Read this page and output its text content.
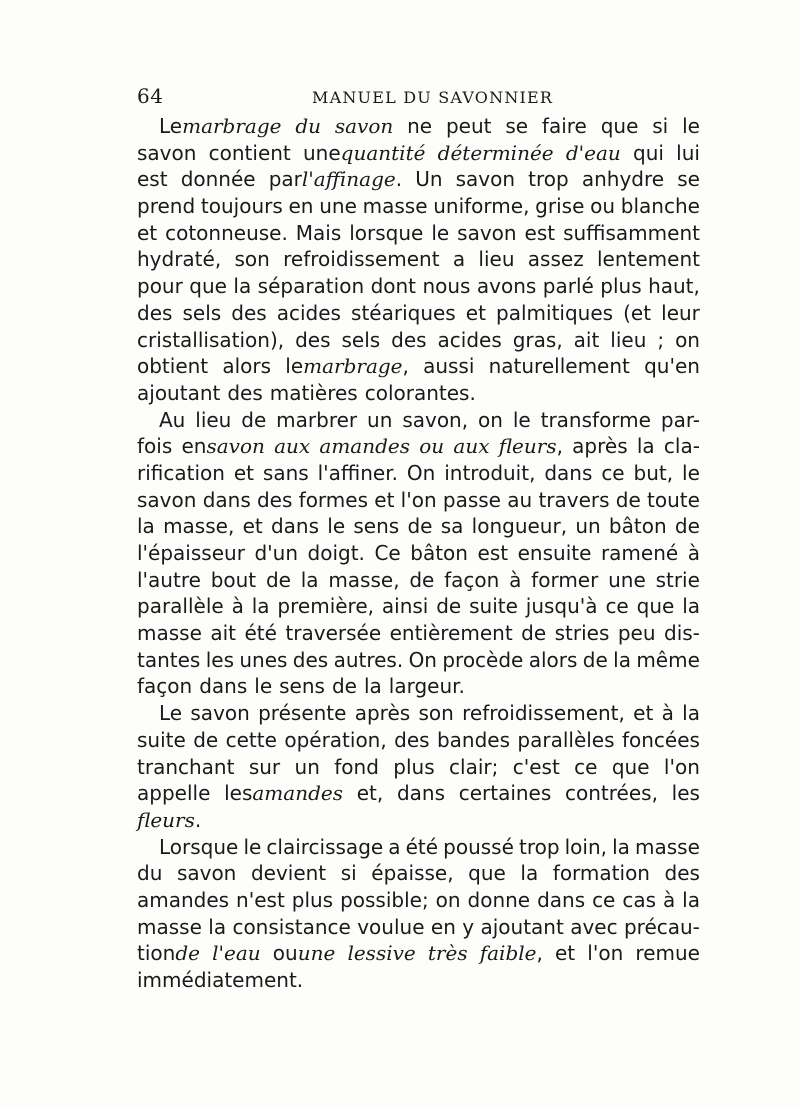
64	MANUEL DU SAVONNIER
Lemarbrage du savon ne peut se faire que si le
savon contient unequantité déterminée d'eau qui lui
est donnée parl'affinage. Un savon trop anhydre se
prend toujours en une masse uniforme, grise ou blanche
et cotonneuse. Mais lorsque le savon est suffisamment
hydraté, son refroidissement a lieu assez lentement
pour que la séparation dont nous avons parlé plus haut,
des sels des acides stéariques et palmitiques (et leur
cristallisation), des sels des acides gras, ait lieu ; on
obtient alors lemarbrage, aussi naturellement qu'en
ajoutant des matières colorantes.
Au lieu de marbrer un savon, on le transforme par-
fois ensavon aux amandes ou aux fleurs, après la cla-
rification et sans l'affiner. On introduit, dans ce but, le
savon dans des formes et l'on passe au travers de toute
la masse, et dans le sens de sa longueur, un bâton de
l'épaisseur d'un doigt. Ce bâton est ensuite ramené à
l'autre bout de la masse, de façon à former une strie
parallèle à la première, ainsi de suite jusqu'à ce que la
masse ait été traversée entièrement de stries peu dis-
tantes les unes des autres. On procède alors de la même
façon dans le sens de la largeur.
Le savon présente après son refroidissement, et à la
suite de cette opération, des bandes parallèles foncées
tranchant sur un fond plus clair; c'est ce que l'on
appelle lesamandes et, dans certaines contrées, les
fleurs.
Lorsque le claircissage a été poussé trop loin, la masse
du savon devient si épaisse, que la formation des
amandes n'est plus possible; on donne dans ce cas à la
masse la consistance voulue en y ajoutant avec précau-
tionde l'eau ouune lessive très faible, et l'on remue
immédiatement.
